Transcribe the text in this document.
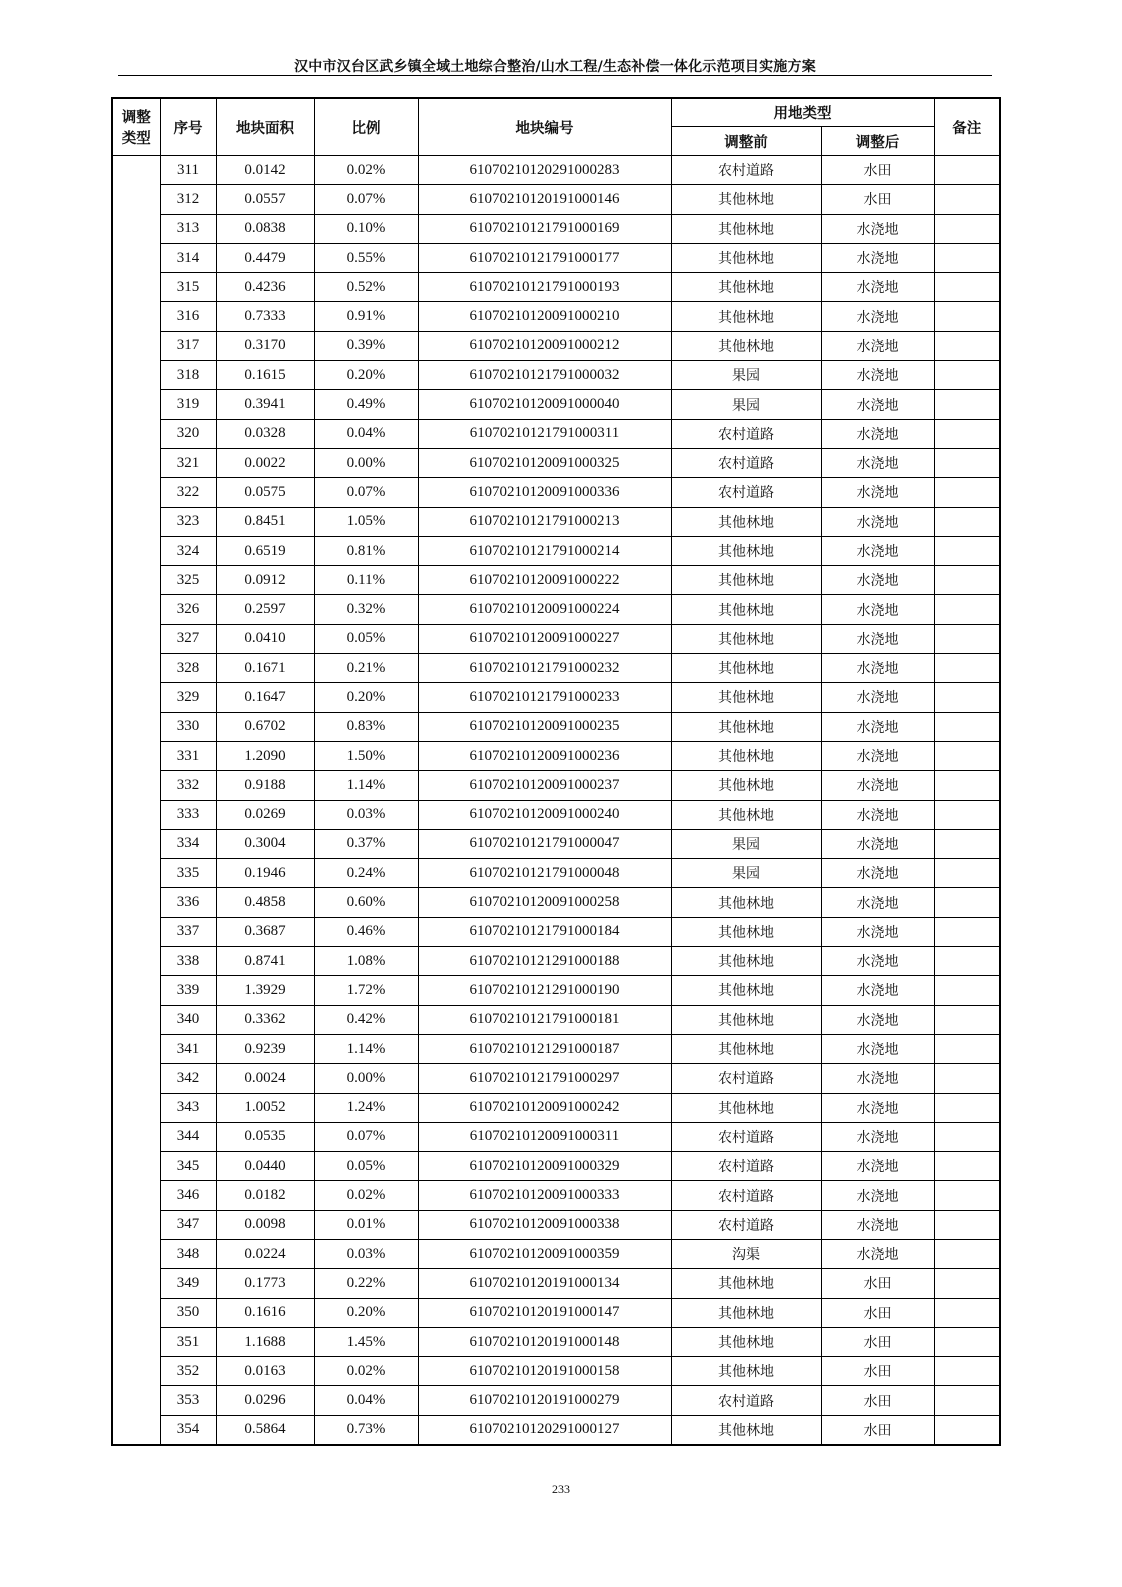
汉中市汉台区武乡镇全域土地综合整治/山水工程/生态补偿一体化示范项目实施方案
调整
类型	序号	地块面积	比例	地块编号	用地类型		备注
					调整前	调整后	
	311	0.0142	0.02%	61070210120291000283	农村道路	水田	
	312	0.0557	0.07%	61070210120191000146	其他林地	水田	
	313	0.0838	0.10%	61070210121791000169	其他林地	水浇地	
	314	0.4479	0.55%	61070210121791000177	其他林地	水浇地	
	315	0.4236	0.52%	61070210121791000193	其他林地	水浇地	
	316	0.7333	0.91%	61070210120091000210	其他林地	水浇地	
	317	0.3170	0.39%	61070210120091000212	其他林地	水浇地	
	318	0.1615	0.20%	61070210121791000032	果园	水浇地	
	319	0.3941	0.49%	61070210120091000040	果园	水浇地	
	320	0.0328	0.04%	61070210121791000311	农村道路	水浇地	
	321	0.0022	0.00%	61070210120091000325	农村道路	水浇地	
	322	0.0575	0.07%	61070210120091000336	农村道路	水浇地	
	323	0.8451	1.05%	61070210121791000213	其他林地	水浇地	
	324	0.6519	0.81%	61070210121791000214	其他林地	水浇地	
	325	0.0912	0.11%	61070210120091000222	其他林地	水浇地	
	326	0.2597	0.32%	61070210120091000224	其他林地	水浇地	
	327	0.0410	0.05%	61070210120091000227	其他林地	水浇地	
	328	0.1671	0.21%	61070210121791000232	其他林地	水浇地	
	329	0.1647	0.20%	61070210121791000233	其他林地	水浇地	
	330	0.6702	0.83%	61070210120091000235	其他林地	水浇地	
	331	1.2090	1.50%	61070210120091000236	其他林地	水浇地	
	332	0.9188	1.14%	61070210120091000237	其他林地	水浇地	
	333	0.0269	0.03%	61070210120091000240	其他林地	水浇地	
	334	0.3004	0.37%	61070210121791000047	果园	水浇地	
	335	0.1946	0.24%	61070210121791000048	果园	水浇地	
	336	0.4858	0.60%	61070210120091000258	其他林地	水浇地	
	337	0.3687	0.46%	61070210121791000184	其他林地	水浇地	
	338	0.8741	1.08%	61070210121291000188	其他林地	水浇地	
	339	1.3929	1.72%	61070210121291000190	其他林地	水浇地	
	340	0.3362	0.42%	61070210121791000181	其他林地	水浇地	
	341	0.9239	1.14%	61070210121291000187	其他林地	水浇地	
	342	0.0024	0.00%	61070210121791000297	农村道路	水浇地	
	343	1.0052	1.24%	61070210120091000242	其他林地	水浇地	
	344	0.0535	0.07%	61070210120091000311	农村道路	水浇地	
	345	0.0440	0.05%	61070210120091000329	农村道路	水浇地	
	346	0.0182	0.02%	61070210120091000333	农村道路	水浇地	
	347	0.0098	0.01%	61070210120091000338	农村道路	水浇地	
	348	0.0224	0.03%	61070210120091000359	沟渠	水浇地	
	349	0.1773	0.22%	61070210120191000134	其他林地	水田	
	350	0.1616	0.20%	61070210120191000147	其他林地	水田	
	351	1.1688	1.45%	61070210120191000148	其他林地	水田	
	352	0.0163	0.02%	61070210120191000158	其他林地	水田	
	353	0.0296	0.04%	61070210120191000279	农村道路	水田	
	354	0.5864	0.73%	61070210120291000127	其他林地	水田	
233
